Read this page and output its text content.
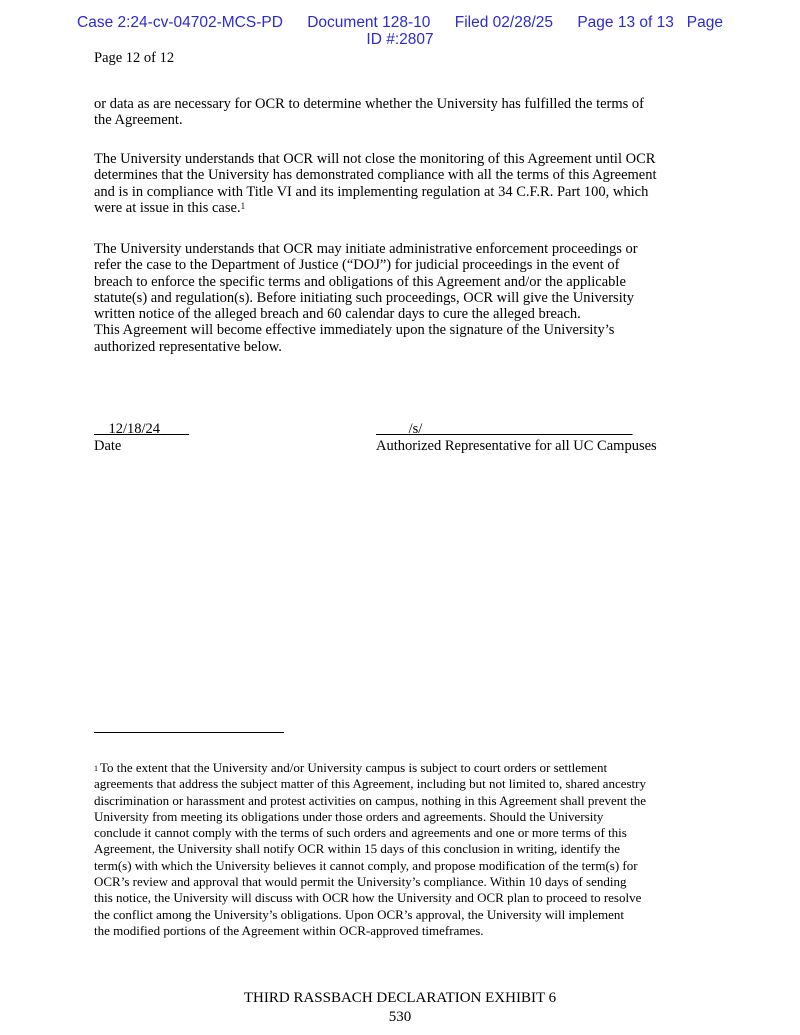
Case 2:24-cv-04702-MCS-PD Document 128-10 Filed 02/28/25 Page 13 of 13 Page
ID #:2807
Page 12 of 12
or data as are necessary for OCR to determine whether the University has fulfilled the terms of
the Agreement.
The University understands that OCR will not close the monitoring of this Agreement until OCR
determines that the University has demonstrated compliance with all the terms of this Agreement
and is in compliance with Title VI and its implementing regulation at 34 C.F.R. Part 100, which
were at issue in this case.$^1$
The University understands that OCR may initiate administrative enforcement proceedings or
refer the case to the Department of Justice (“DOJ”) for judicial proceedings in the event of
breach to enforce the specific terms and obligations of this Agreement and/or the applicable
statute(s) and regulation(s). Before initiating such proceedings, OCR will give the University
written notice of the alleged breach and 60 calendar days to cure the alleged breach.
This Agreement will become effective immediately upon the signature of the University’s
authorized representative below.
12/18/24
Date
/s/
Authorized Representative for all UC Campuses
$^1$ To the extent that the University and/or University campus is subject to court orders or settlement
agreements that address the subject matter of this Agreement, including but not limited to, shared ancestry
discrimination or harassment and protest activities on campus, nothing in this Agreement shall prevent the
University from meeting its obligations under those orders and agreements. Should the University
conclude it cannot comply with the terms of such orders and agreements and one or more terms of this
Agreement, the University shall notify OCR within 15 days of this conclusion in writing, identify the
term(s) with which the University believes it cannot comply, and propose modification of the term(s) for
OCR’s review and approval that would permit the University’s compliance. Within 10 days of sending
this notice, the University will discuss with OCR how the University and OCR plan to proceed to resolve
the conflict among the University’s obligations. Upon OCR’s approval, the University will implement
the modified portions of the Agreement within OCR-approved timeframes.
THIRD RASSBACH DECLARATION EXHIBIT 6
530
